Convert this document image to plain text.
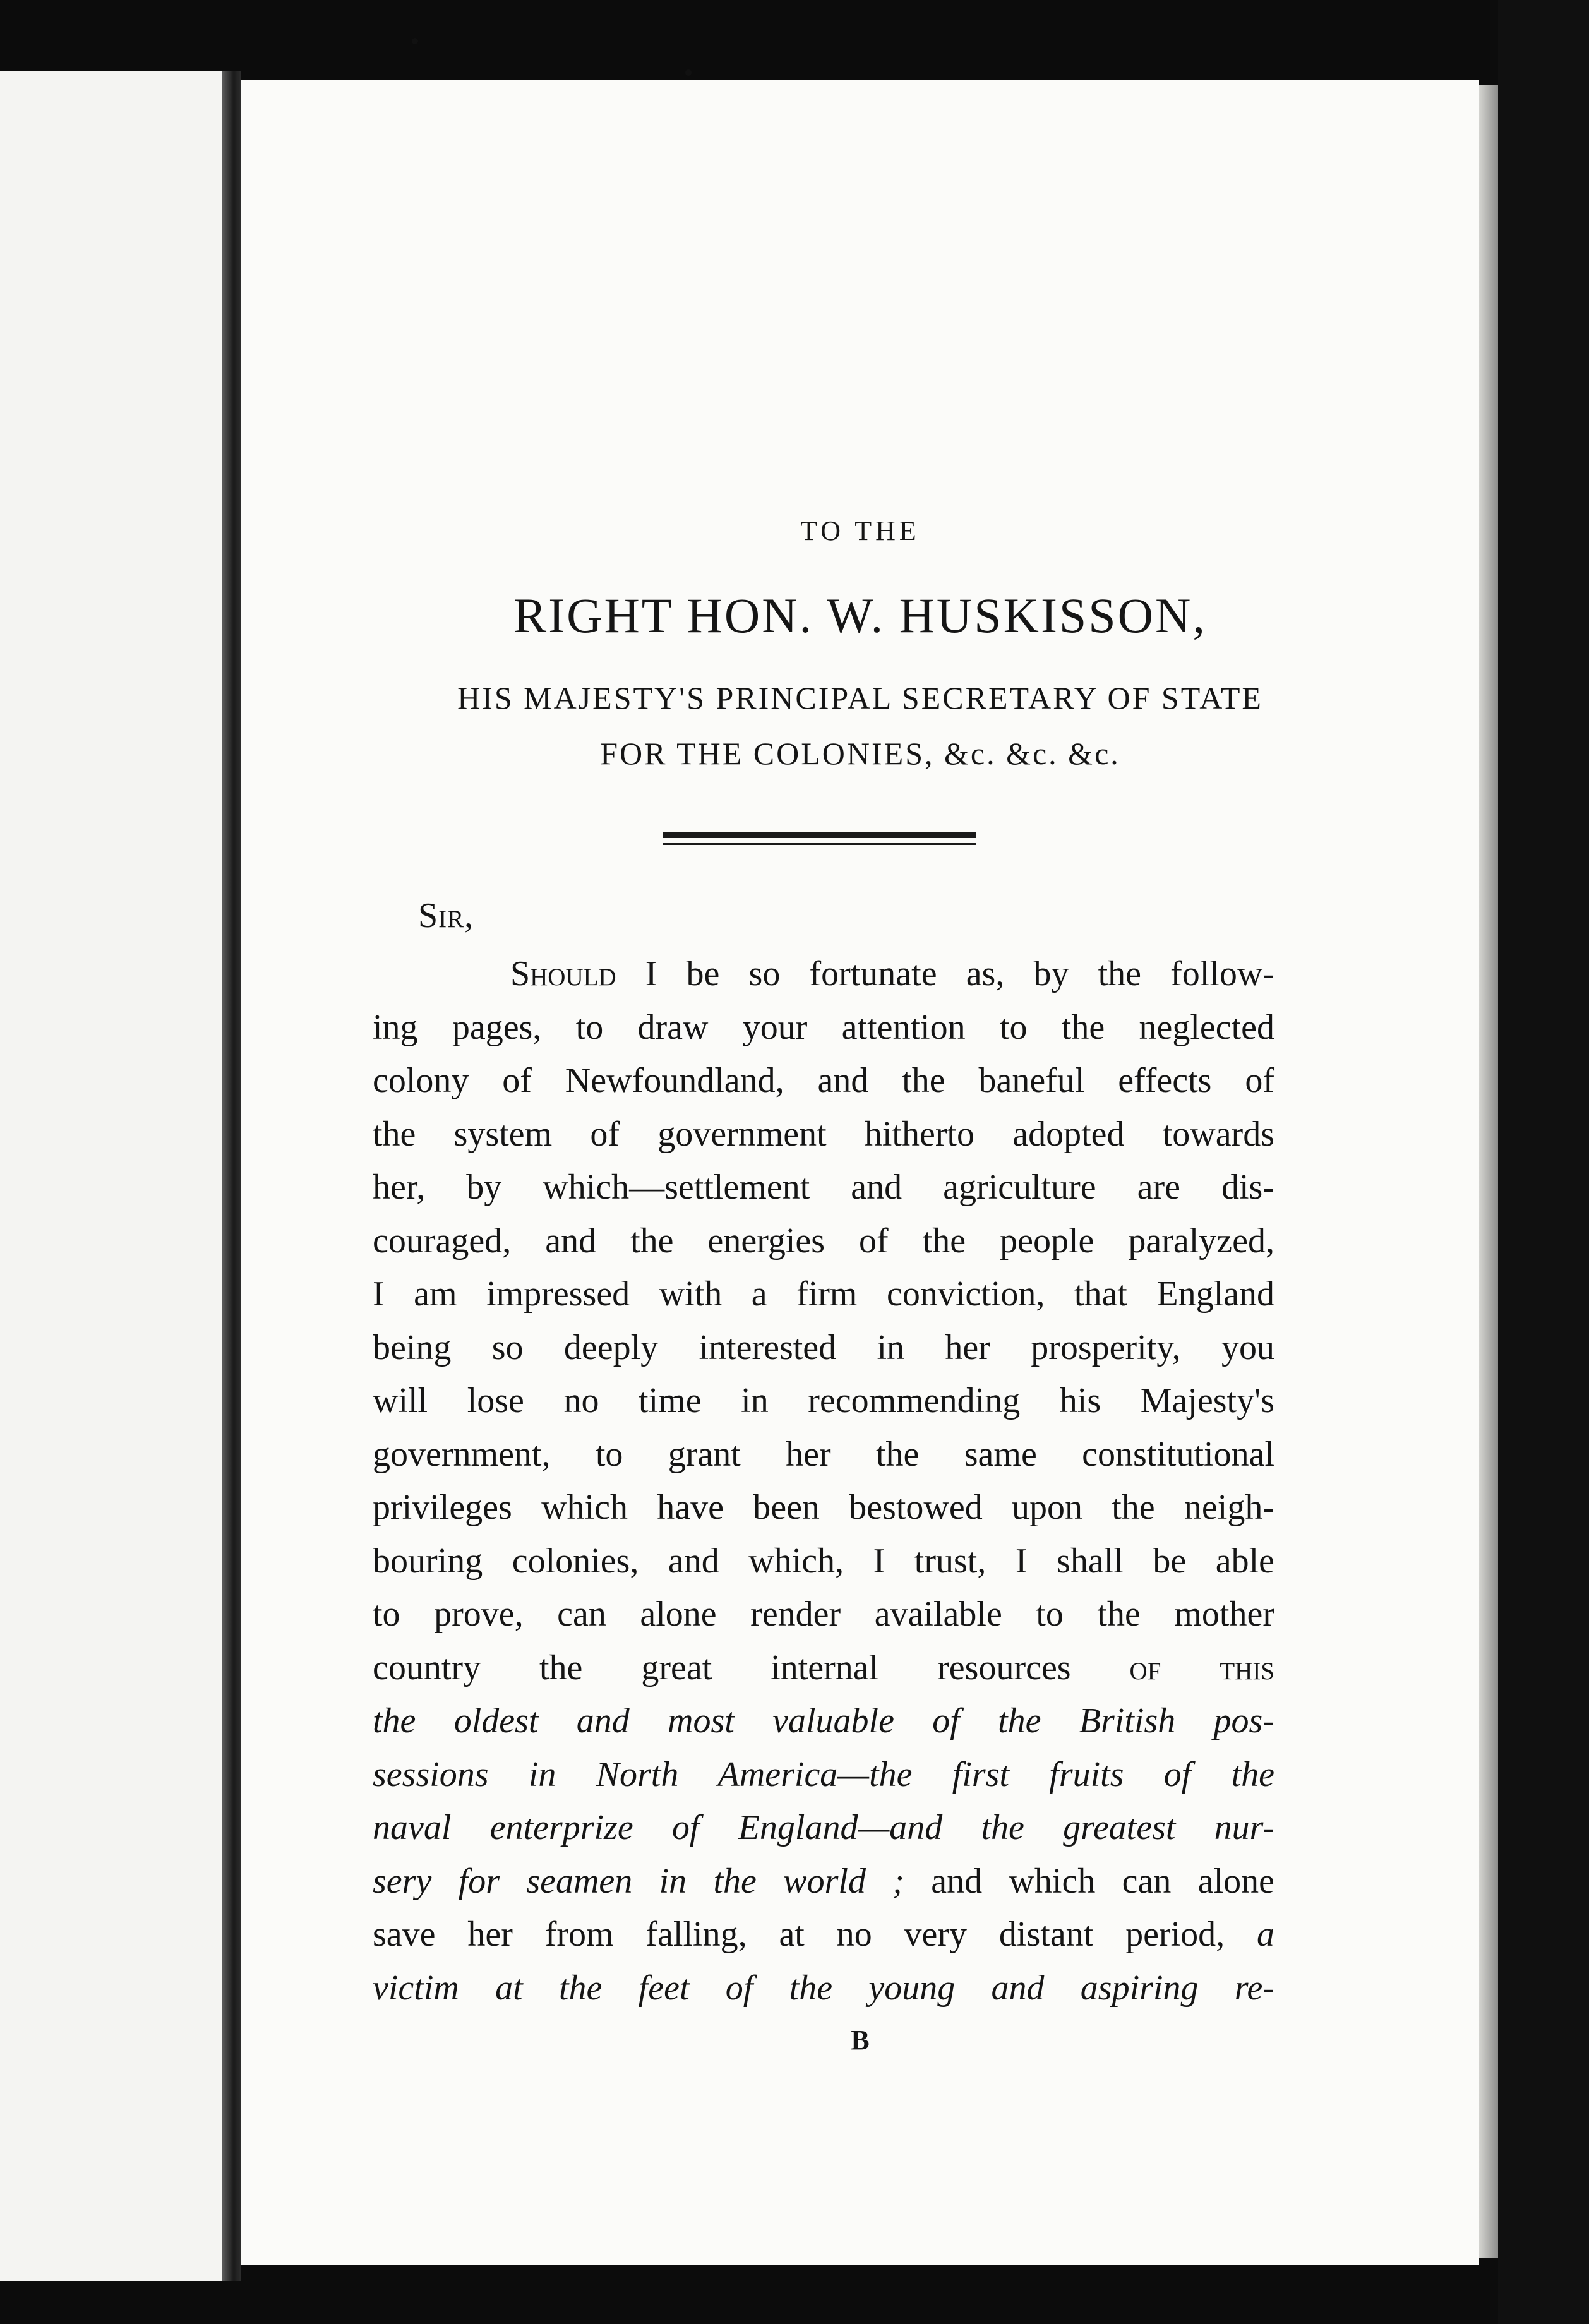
TO THE
RIGHT HON. W. HUSKISSON,
HIS MAJESTY'S PRINCIPAL SECRETARY OF STATE
FOR THE COLONIES, &c. &c. &c.
Sir,
Should I be so fortunate as, by the follow-
ing pages, to draw your attention to the neglected
colony of Newfoundland, and the baneful effects of
the system of government hitherto adopted towards
her, by which—settlement and agriculture are dis-
couraged, and the energies of the people paralyzed,
I am impressed with a firm conviction, that England
being so deeply interested in her prosperity, you
will lose no time in recommending his Majesty's
government, to grant her the same constitutional
privileges which have been bestowed upon the neigh-
bouring colonies, and which, I trust, I shall be able
to prove, can alone render available to the mother
country the great internal resources of this
the oldest and most valuable of the British pos-
sessions in North America—the first fruits of the
naval enterprize of England—and the greatest nur-
sery for seamen in the world ; and which can alone
save her from falling, at no very distant period, a
victim at the feet of the young and aspiring re-
B
